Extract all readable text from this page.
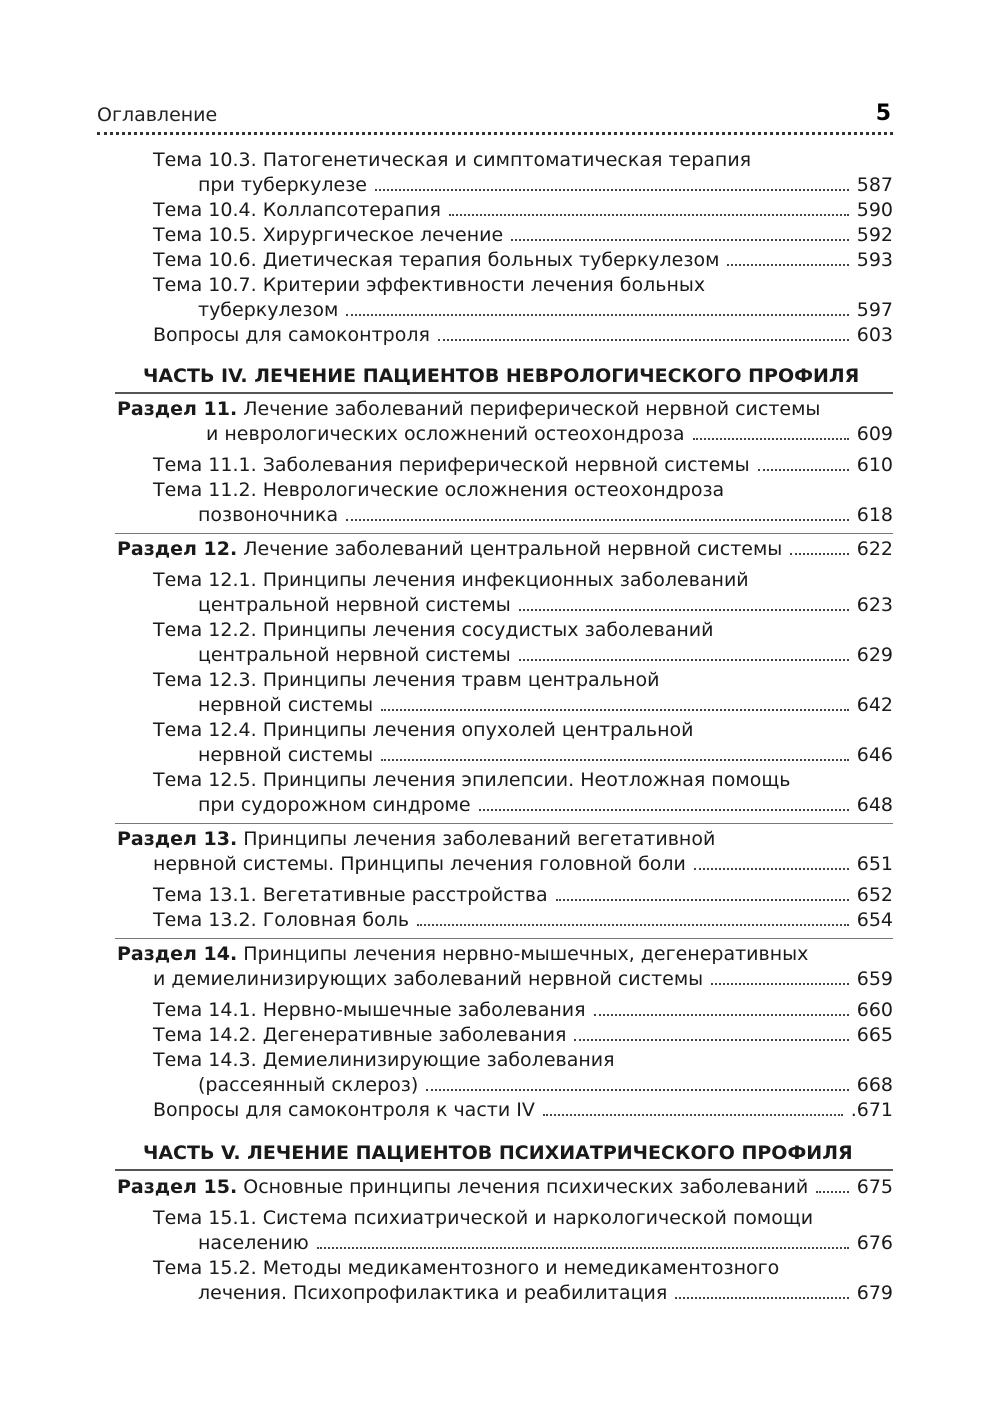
Оглавление	5
Тема 10.3. Патогенетическая и симптоматическая терапия
при туберкулезе	587
Тема 10.4. Коллапсотерапия	590
Тема 10.5. Хирургическое лечение	592
Тема 10.6. Диетическая терапия больных туберкулезом	593
Тема 10.7. Критерии эффективности лечения больных
туберкулезом	597
Вопросы для самоконтроля	603
ЧАСТЬ IV. ЛЕЧЕНИЕ ПАЦИЕНТОВ НЕВРОЛОГИЧЕСКОГО ПРОФИЛЯ
Раздел 11. Лечение заболеваний периферической нервной системы
и неврологических осложнений остеохондроза	609
Тема 11.1. Заболевания периферической нервной системы	610
Тема 11.2. Неврологические осложнения остеохондроза
позвоночника	618
Раздел 12. Лечение заболеваний центральной нервной системы	622
Тема 12.1. Принципы лечения инфекционных заболеваний
центральной нервной системы	623
Тема 12.2. Принципы лечения сосудистых заболеваний
центральной нервной системы	629
Тема 12.3. Принципы лечения травм центральной
нервной системы	642
Тема 12.4. Принципы лечения опухолей центральной
нервной системы	646
Тема 12.5. Принципы лечения эпилепсии. Неотложная помощь
при судорожном синдроме	648
Раздел 13. Принципы лечения заболеваний вегетативной
нервной системы. Принципы лечения головной боли	651
Тема 13.1. Вегетативные расстройства	652
Тема 13.2. Головная боль	654
Раздел 14. Принципы лечения нервно-мышечных, дегенеративных
и демиелинизирующих заболеваний нервной системы	659
Тема 14.1. Нервно-мышечные заболевания	660
Тема 14.2. Дегенеративные заболевания	665
Тема 14.3. Демиелинизирующие заболевания
(рассеянный склероз)	668
Вопросы для самоконтроля к части IV	.671
ЧАСТЬ V. ЛЕЧЕНИЕ ПАЦИЕНТОВ ПСИХИАТРИЧЕСКОГО ПРОФИЛЯ
Раздел 15. Основные принципы лечения психических заболеваний	675
Тема 15.1. Система психиатрической и наркологической помощи
населению	676
Тема 15.2. Методы медикаментозного и немедикаментозного
лечения. Психопрофилактика и реабилитация	679
